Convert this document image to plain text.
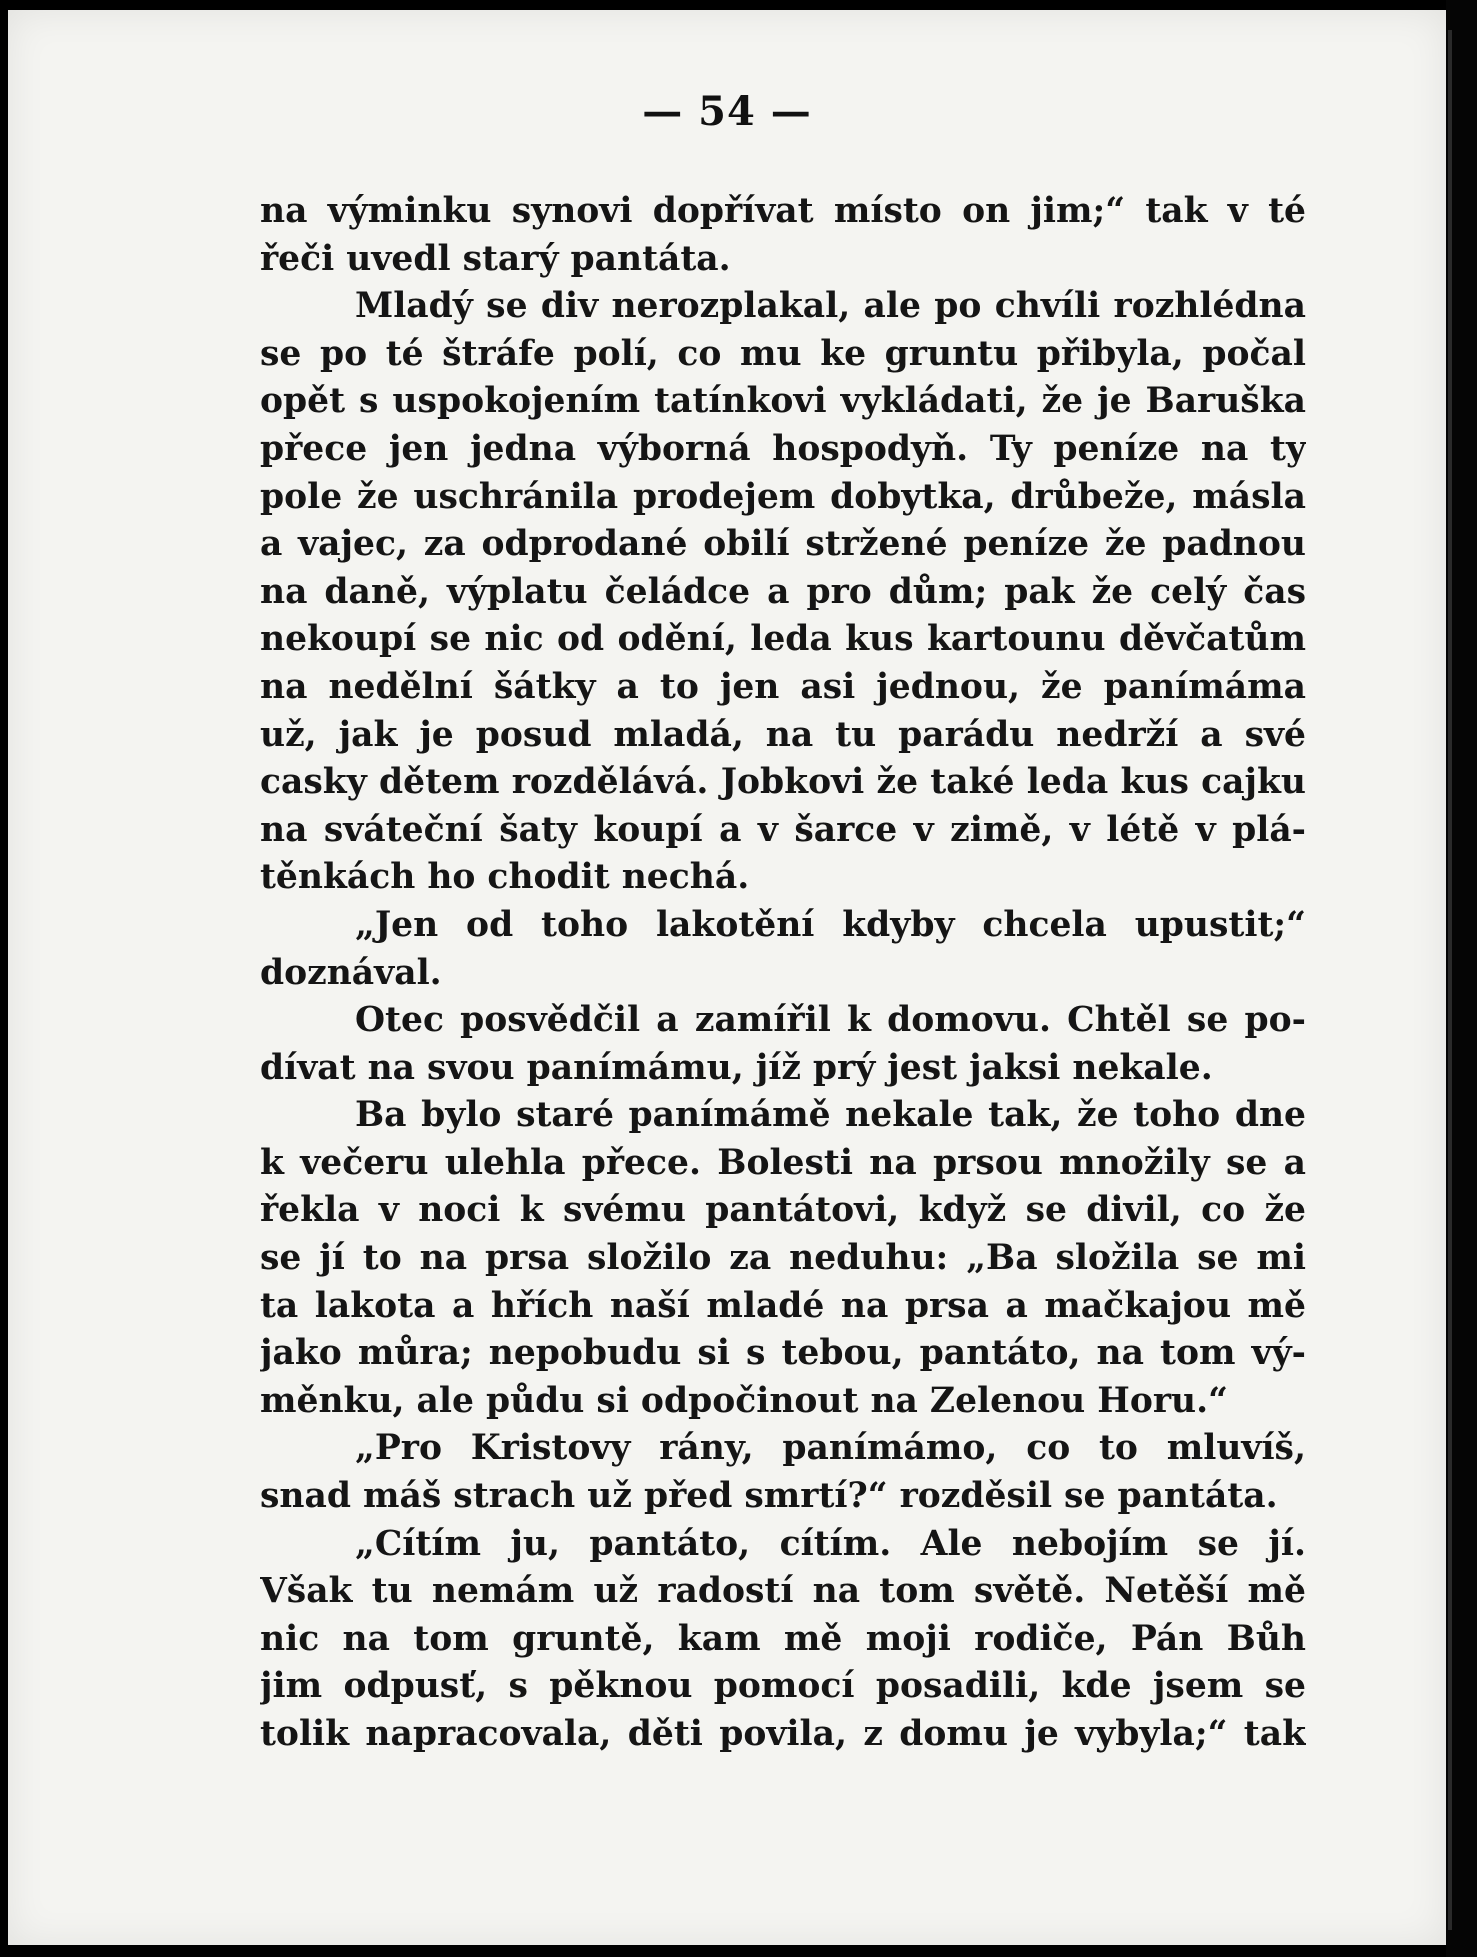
— 54 —
na výminku synovi dopřívat místo on jim;“ tak v té
řeči uvedl starý pantáta.
Mladý se div nerozplakal, ale po chvíli rozhlédna
se po té štráfe polí, co mu ke gruntu přibyla, počal
opět s uspokojením tatínkovi vykládati, že je Baruška
přece jen jedna výborná hospodyň. Ty peníze na ty
pole že uschránila prodejem dobytka, drůbeže, másla
a vajec, za odprodané obilí stržené peníze že padnou
na daně, výplatu čeládce a pro dům; pak že celý čas
nekoupí se nic od odění, leda kus kartounu děvčatům
na nedělní šátky a to jen asi jednou, že panímáma
už, jak je posud mladá, na tu parádu nedrží a své
casky dětem rozdělává. Jobkovi že také leda kus cajku
na sváteční šaty koupí a v šarce v zimě, v létě v plá-
těnkách ho chodit nechá.
„Jen od toho lakotění kdyby chcela upustit;“
doznával.
Otec posvědčil a zamířil k domovu. Chtěl se po-
dívat na svou panímámu, jíž prý jest jaksi nekale.
Ba bylo staré panímámě nekale tak, že toho dne
k večeru ulehla přece. Bolesti na prsou množily se a
řekla v noci k svému pantátovi, když se divil, co že
se jí to na prsa složilo za neduhu: „Ba složila se mi
ta lakota a hřích naší mladé na prsa a mačkajou mě
jako můra; nepobudu si s tebou, pantáto, na tom vý-
měnku, ale půdu si odpočinout na Zelenou Horu.“
„Pro Kristovy rány, panímámo, co to mluvíš,
snad máš strach už před smrtí?“ rozděsil se pantáta.
„Cítím ju, pantáto, cítím. Ale nebojím se jí.
Však tu nemám už radostí na tom světě. Netěší mě
nic na tom gruntě, kam mě moji rodiče, Pán Bůh
jim odpusť, s pěknou pomocí posadili, kde jsem se
tolik napracovala, děti povila, z domu je vybyla;“ tak
